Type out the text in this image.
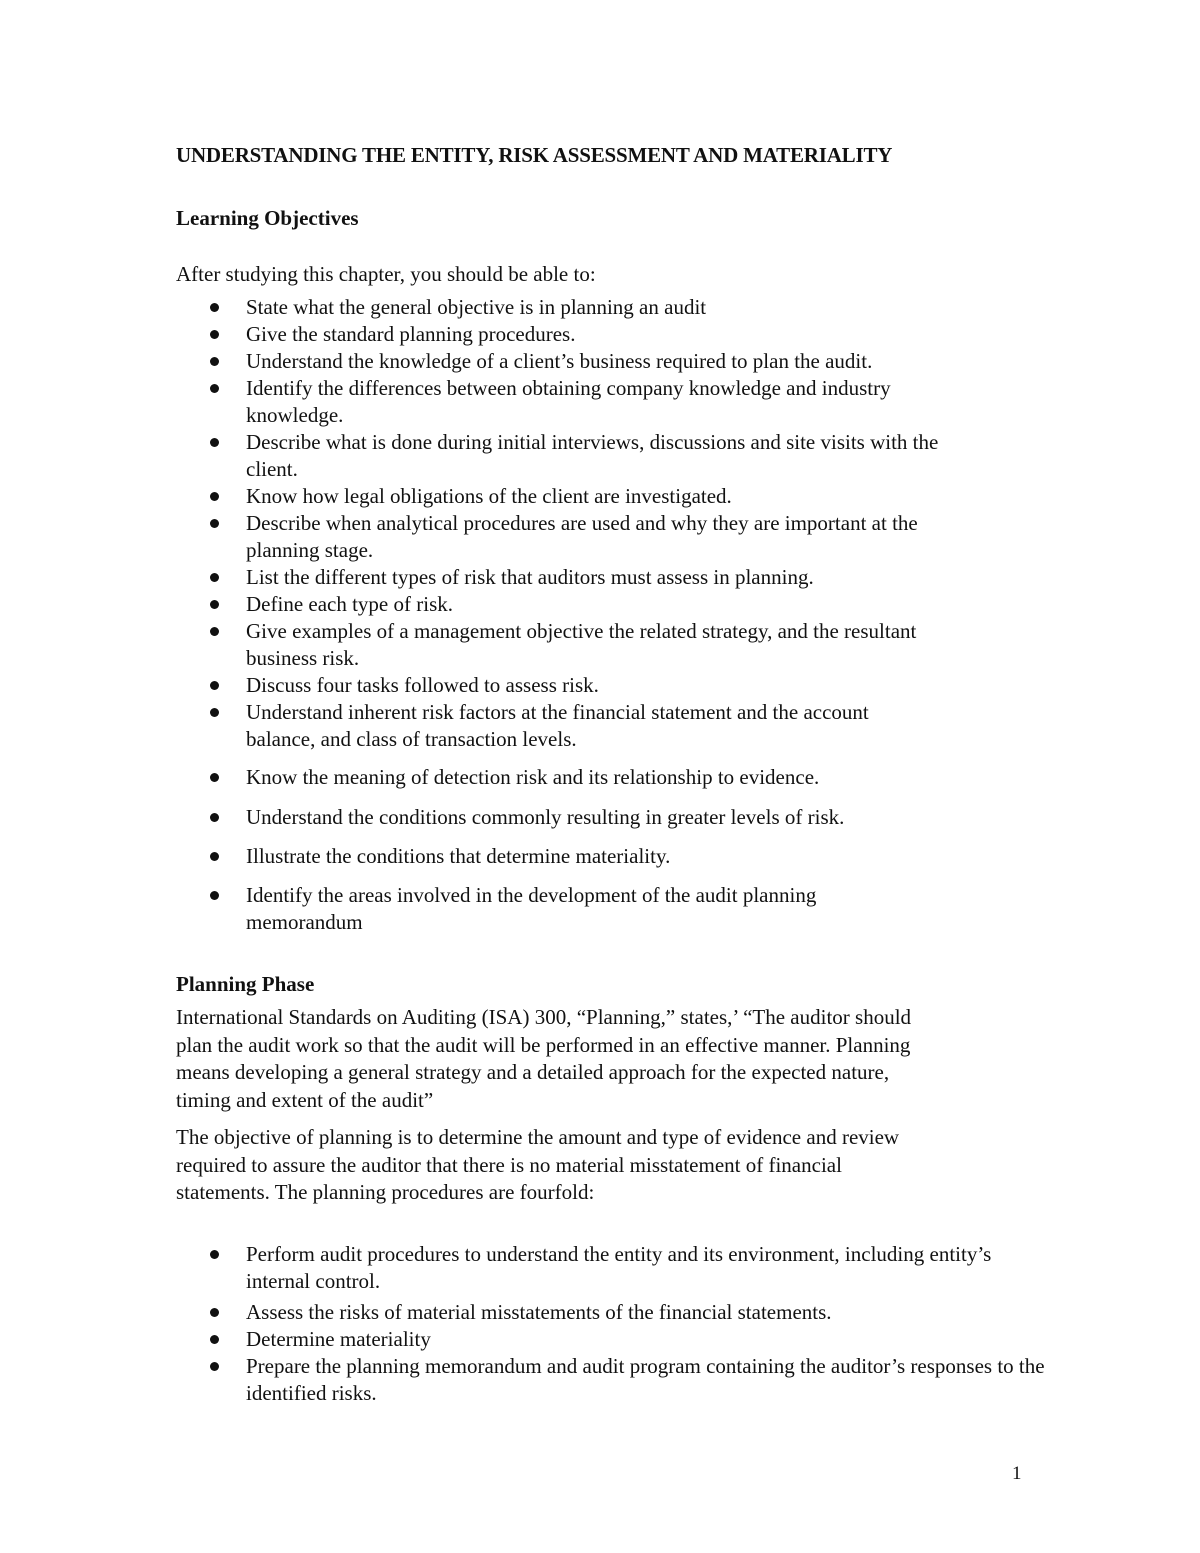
UNDERSTANDING THE ENTITY, RISK ASSESSMENT AND MATERIALITY
Learning Objectives
After studying this chapter, you should be able to:
State what the general objective is in planning an audit
Give the standard planning procedures.
Understand the knowledge of a client’s business required to plan the audit.
Identify the differences between obtaining company knowledge and industry
knowledge.
Describe what is done during initial interviews, discussions and site visits with the
client.
Know how legal obligations of the client are investigated.
Describe when analytical procedures are used and why they are important at the
planning stage.
List the different types of risk that auditors must assess in planning.
Define each type of risk.
Give examples of a management objective the related strategy, and the resultant
business risk.
Discuss four tasks followed to assess risk.
Understand inherent risk factors at the financial statement and the account
balance, and class of transaction levels.
Know the meaning of detection risk and its relationship to evidence.
Understand the conditions commonly resulting in greater levels of risk.
Illustrate the conditions that determine materiality.
Identify the areas involved in the development of the audit planning
memorandum
Planning Phase
International Standards on Auditing (ISA) 300, “Planning,” states,’ “The auditor should
plan the audit work so that the audit will be performed in an effective manner. Planning
means developing a general strategy and a detailed approach for the expected nature,
timing and extent of the audit”
The objective of planning is to determine the amount and type of evidence and review
required to assure the auditor that there is no material misstatement of financial
statements. The planning procedures are fourfold:
Perform audit procedures to understand the entity and its environment, including entity’s
internal control.
Assess the risks of material misstatements of the financial statements.
Determine materiality
Prepare the planning memorandum and audit program containing the auditor’s responses to the
identified risks.
1
